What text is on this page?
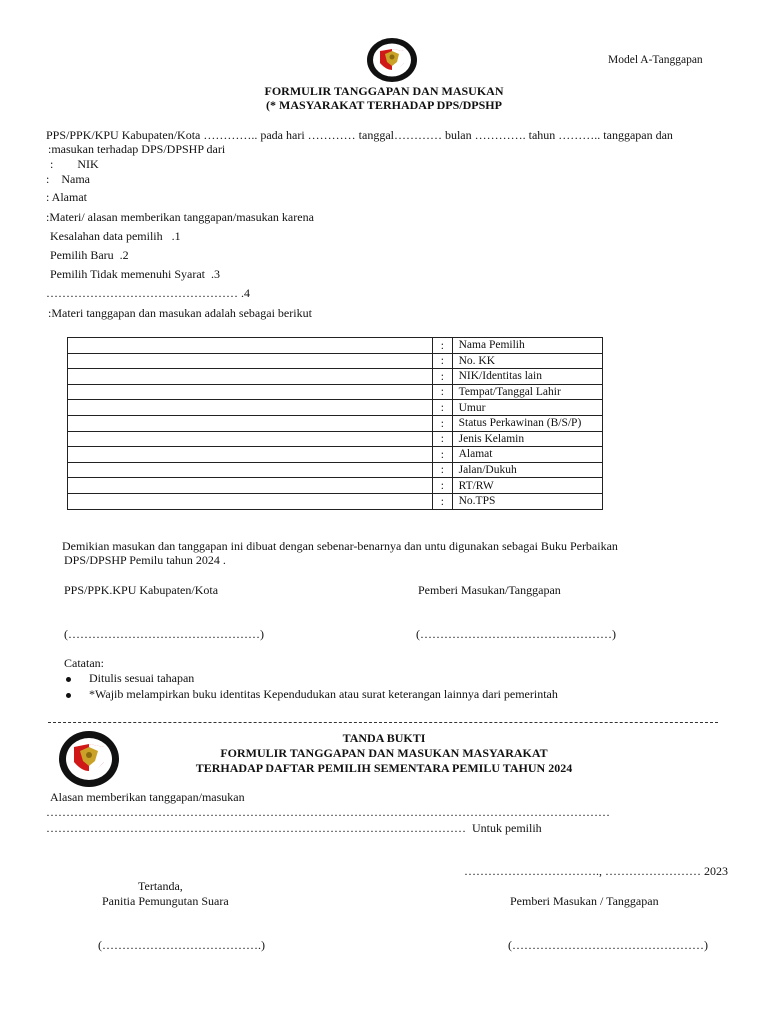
Model A-Tanggapan
FORMULIR TANGGAPAN DAN MASUKAN
(* MASYARAKAT TERHADAP DPS/DPSHP
PPS/PPK/KPU Kabupaten/Kota ………….. pada hari ………… tanggal………… bulan …………. tahun ……….. tanggapan dan
:masukan terhadap DPS/DPSHP dari
:        NIK
:    Nama
: Alamat
:Materi/ alasan memberikan tanggapan/masukan karena
Kesalahan data pemilih   .1
Pemilih Baru  .2
Pemilih Tidak memenuhi Syarat  .3
………………………………………… .4
:Materi tanggapan dan masukan adalah sebagai berikut
	:	Nama Pemilih
	:	No. KK
	:	NIK/Identitas lain
	:	Tempat/Tanggal Lahir
	:	Umur
	:	Status Perkawinan (B/S/P)
	:	Jenis Kelamin
	:	Alamat
	:	Jalan/Dukuh
	:	RT/RW
	:	No.TPS
Demikian masukan dan tanggapan ini dibuat dengan sebenar-benarnya dan untu digunakan sebagai Buku Perbaikan
DPS/DPSHP Pemilu tahun 2024 .
PPS/PPK.KPU Kabupaten/Kota	Pemberi Masukan/Tanggapan
(…………………………………………)	(…………………………………………)
Catatan:
Ditulis sesuai tahapan
*Wajib melampirkan buku identitas Kependudukan atau surat keterangan lainnya dari pemerintah
TANDA BUKTI
FORMULIR TANGGAPAN DAN MASUKAN MASYARAKAT
TERHADAP DAFTAR PEMILIH SEMENTARA PEMILU TAHUN 2024
Alasan memberikan tanggapan/masukan
……………………………………………………………………………………………………………………………
……………………………………………………………………………………………  Untuk pemilih
……………………………., …………………… 2023
Tertanda,
Panitia Pemungutan Suara	Pemberi Masukan / Tanggapan
(………………………………….)	(…………………………………………)
